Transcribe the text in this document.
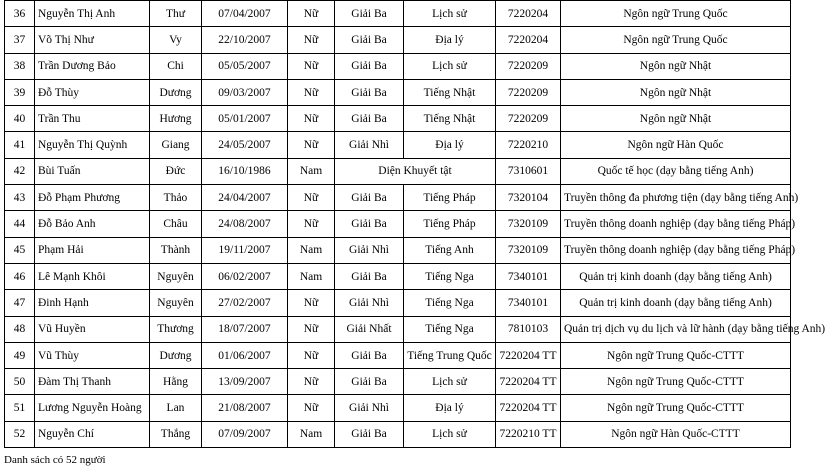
36	Nguyễn Thị Anh	Thư	07/04/2007	Nữ	Giải Ba	Lịch sử	7220204	Ngôn ngữ Trung Quốc
37	Võ Thị Như	Vy	22/10/2007	Nữ	Giải Ba	Địa lý	7220204	Ngôn ngữ Trung Quốc
38	Trần Dương Bảo	Chi	05/05/2007	Nữ	Giải Ba	Lịch sử	7220209	Ngôn ngữ Nhật
39	Đỗ Thùy	Dương	09/03/2007	Nữ	Giải Ba	Tiếng Nhật	7220209	Ngôn ngữ Nhật
40	Trần Thu	Hương	05/01/2007	Nữ	Giải Ba	Tiếng Nhật	7220209	Ngôn ngữ Nhật
41	Nguyễn Thị Quỳnh	Giang	24/05/2007	Nữ	Giải Nhì	Địa lý	7220210	Ngôn ngữ Hàn Quốc
42	Bùi Tuấn	Đức	16/10/1986	Nam	Diện Khuyết tật		7310601	Quốc tế học (dạy bằng tiếng Anh)
43	Đỗ Phạm Phương	Thảo	24/04/2007	Nữ	Giải Ba	Tiếng Pháp	7320104	Truyền thông đa phương tiện (dạy bằng tiếng Anh)
44	Đỗ Bảo Anh	Châu	24/08/2007	Nữ	Giải Ba	Tiếng Pháp	7320109	Truyền thông doanh nghiệp (dạy bằng tiếng Pháp)
45	Phạm Hải	Thành	19/11/2007	Nam	Giải Nhì	Tiếng Anh	7320109	Truyền thông doanh nghiệp (dạy bằng tiếng Pháp)
46	Lê Mạnh Khôi	Nguyên	06/02/2007	Nam	Giải Ba	Tiếng Nga	7340101	Quản trị kinh doanh (dạy bằng tiếng Anh)
47	Đinh Hạnh	Nguyên	27/02/2007	Nữ	Giải Nhì	Tiếng Nga	7340101	Quản trị kinh doanh (dạy bằng tiếng Anh)
48	Vũ Huyền	Thương	18/07/2007	Nữ	Giải Nhất	Tiếng Nga	7810103	Quản trị dịch vụ du lịch và lữ hành (dạy bằng tiếng Anh)
49	Vũ Thùy	Dương	01/06/2007	Nữ	Giải Ba	Tiếng Trung Quốc	7220204 TT	Ngôn ngữ Trung Quốc-CTTT
50	Đàm Thị Thanh	Hằng	13/09/2007	Nữ	Giải Ba	Lịch sử	7220204 TT	Ngôn ngữ Trung Quốc-CTTT
51	Lương Nguyễn Hoàng	Lan	21/08/2007	Nữ	Giải Nhì	Địa lý	7220204 TT	Ngôn ngữ Trung Quốc-CTTT
52	Nguyễn Chí	Thắng	07/09/2007	Nam	Giải Ba	Lịch sử	7220210 TT	Ngôn ngữ Hàn Quốc-CTTT
Danh sách có 52 người
